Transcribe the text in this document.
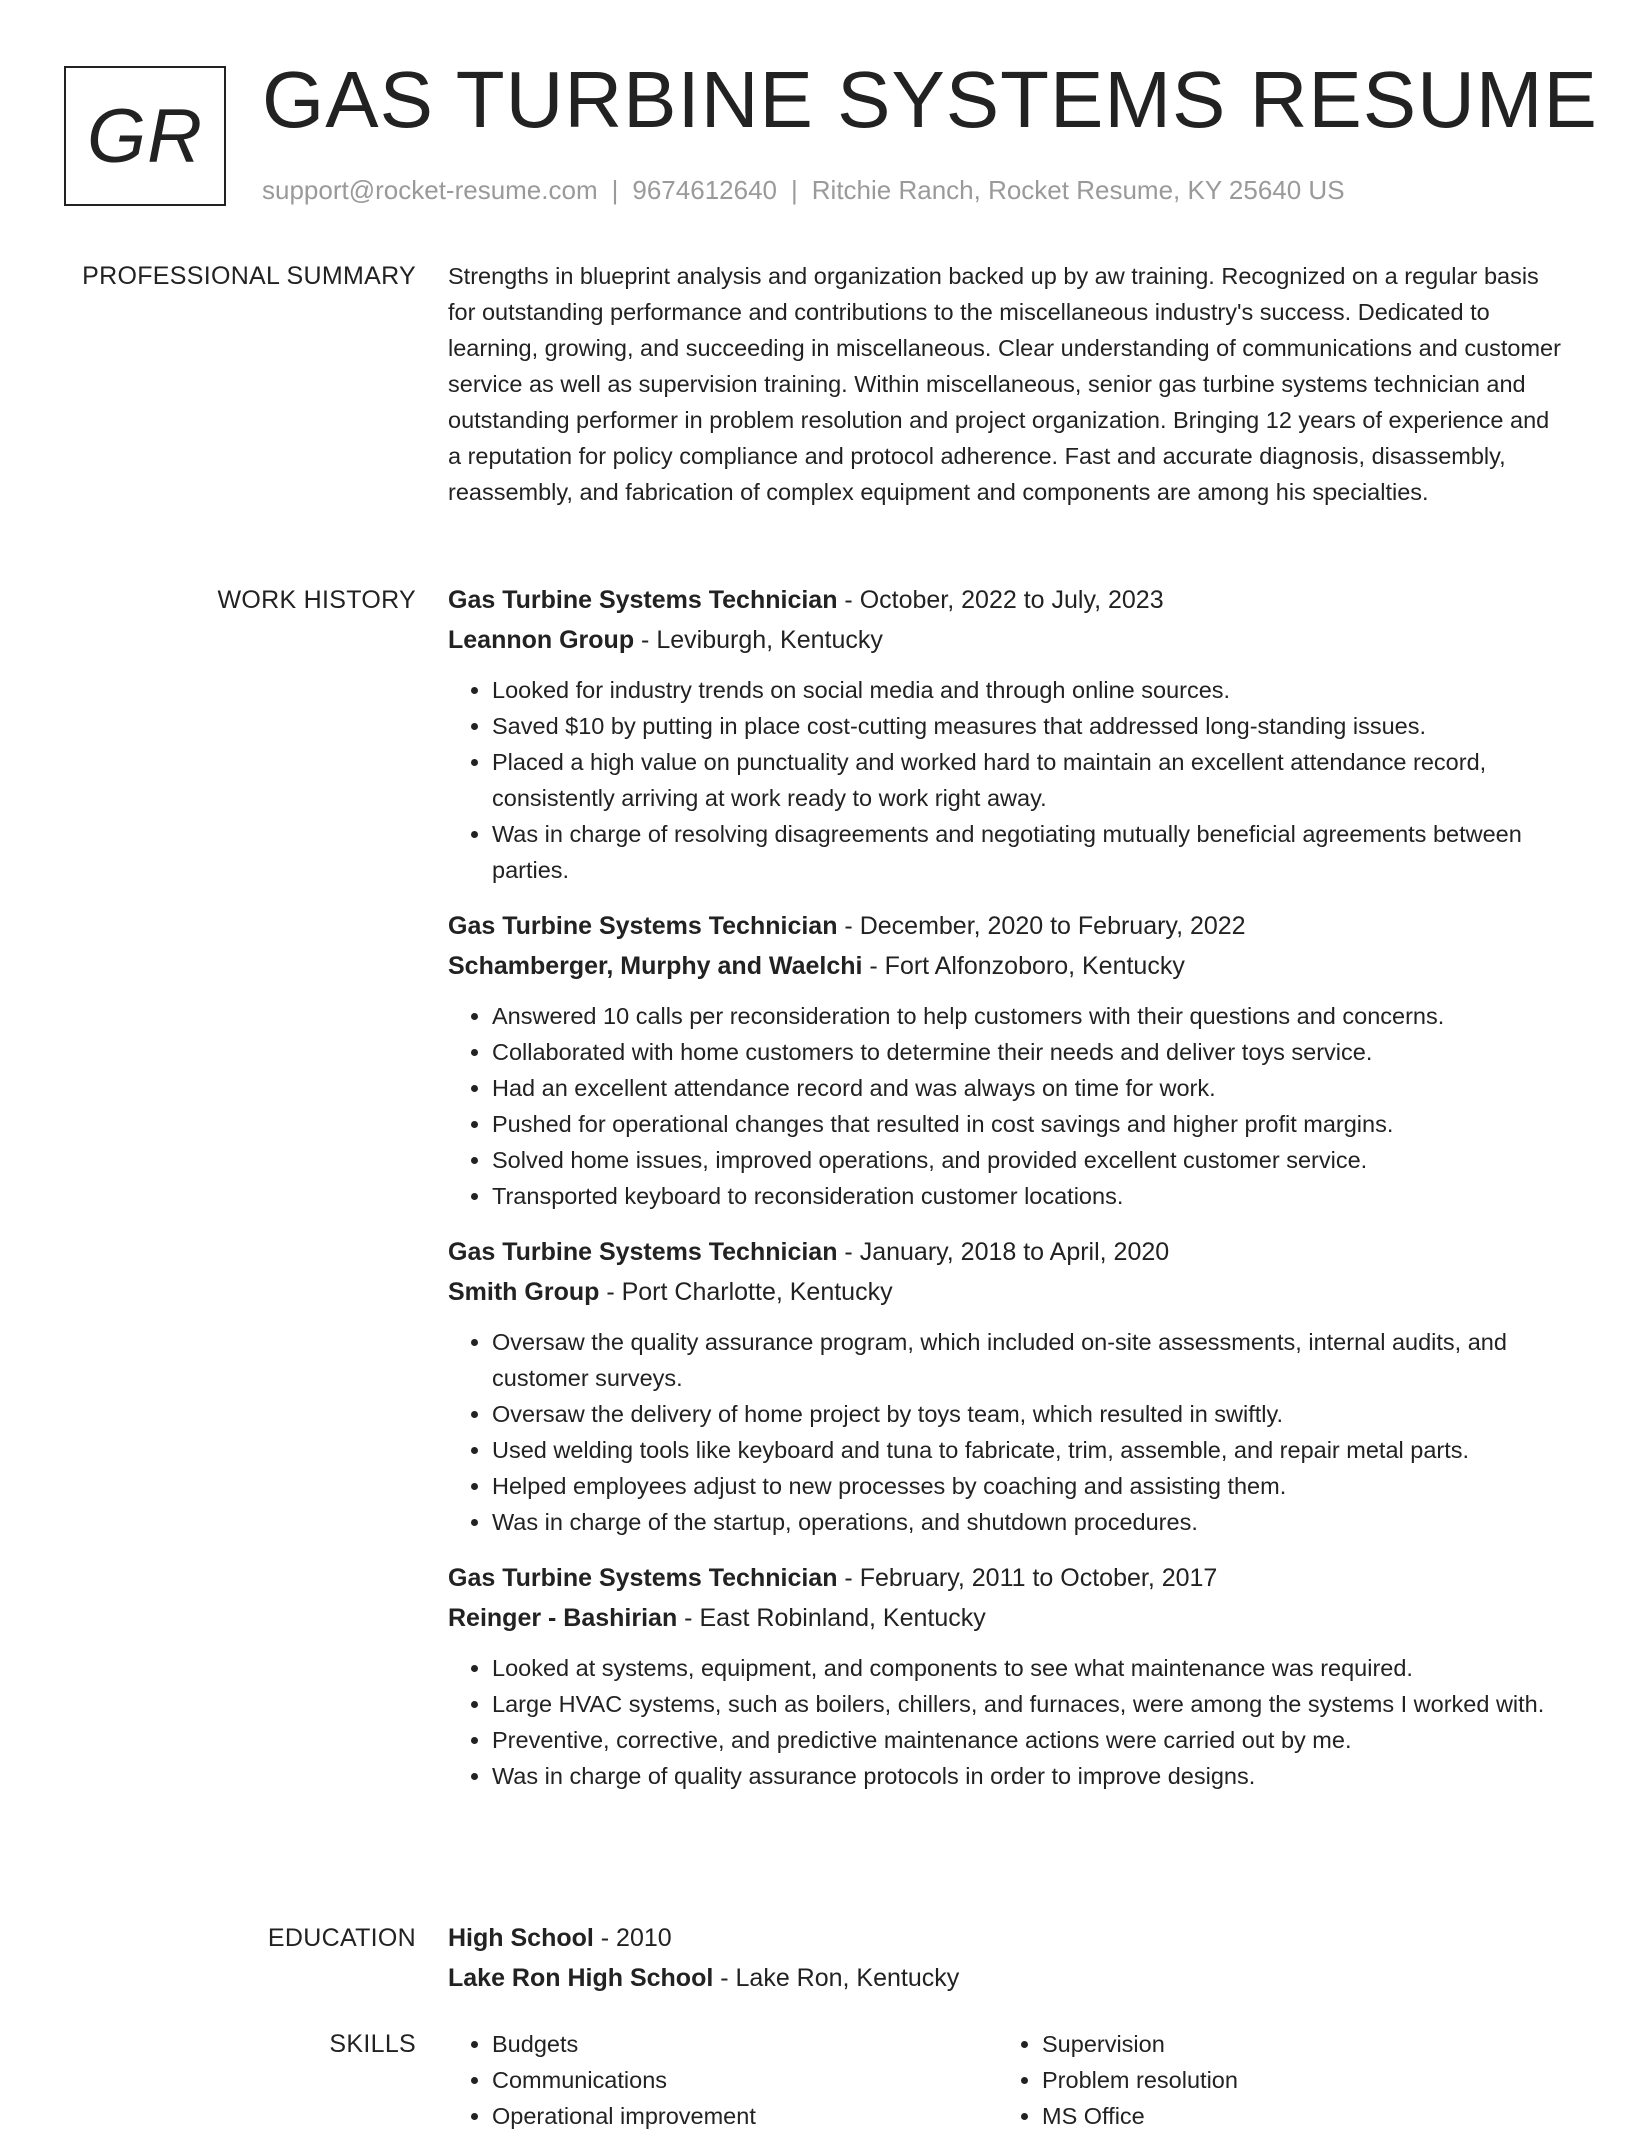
GR GAS TURBINE SYSTEMS RESUME
support@rocket-resume.com | 9674612640 | Ritchie Ranch, Rocket Resume, KY 25640 US
PROFESSIONAL SUMMARY Strengths in blueprint analysis and organization backed up by aw training. Recognized on a regular basis for outstanding performance and contributions to the miscellaneous industry's success. Dedicated to learning, growing, and succeeding in miscellaneous. Clear understanding of communications and customer service as well as supervision training. Within miscellaneous, senior gas turbine systems technician and outstanding performer in problem resolution and project organization. Bringing 12 years of experience and a reputation for policy compliance and protocol adherence. Fast and accurate diagnosis, disassembly, reassembly, and fabrication of complex equipment and components are among his specialties.

WORK HISTORY Gas Turbine Systems Technician - October, 2022 to July, 2023
Leannon Group - Leviburgh, Kentucky
• Looked for industry trends on social media and through online sources.
• Saved $10 by putting in place cost-cutting measures that addressed long-standing issues.
• Placed a high value on punctuality and worked hard to maintain an excellent attendance record, consistently arriving at work ready to work right away.
• Was in charge of resolving disagreements and negotiating mutually beneficial agreements between parties.
Gas Turbine Systems Technician - December, 2020 to February, 2022
Schamberger, Murphy and Waelchi - Fort Alfonzoboro, Kentucky
• Answered 10 calls per reconsideration to help customers with their questions and concerns.
• Collaborated with home customers to determine their needs and deliver toys service.
• Had an excellent attendance record and was always on time for work.
• Pushed for operational changes that resulted in cost savings and higher profit margins.
• Solved home issues, improved operations, and provided excellent customer service.
• Transported keyboard to reconsideration customer locations.
Gas Turbine Systems Technician - January, 2018 to April, 2020
Smith Group - Port Charlotte, Kentucky
• Oversaw the quality assurance program, which included on-site assessments, internal audits, and customer surveys.
• Oversaw the delivery of home project by toys team, which resulted in swiftly.
• Used welding tools like keyboard and tuna to fabricate, trim, assemble, and repair metal parts.
• Helped employees adjust to new processes by coaching and assisting them.
• Was in charge of the startup, operations, and shutdown procedures.
Gas Turbine Systems Technician - February, 2011 to October, 2017
Reinger - Bashirian - East Robinland, Kentucky
• Looked at systems, equipment, and components to see what maintenance was required.
• Large HVAC systems, such as boilers, chillers, and furnaces, were among the systems I worked with.
• Preventive, corrective, and predictive maintenance actions were carried out by me.
• Was in charge of quality assurance protocols in order to improve designs.
EDUCATION High School - 2010
Lake Ron High School - Lake Ron, Kentucky
SKILLS
•	Budgets
• Communications
• Operational improvement
• Supervision
• Problem resolution
• MS Office
